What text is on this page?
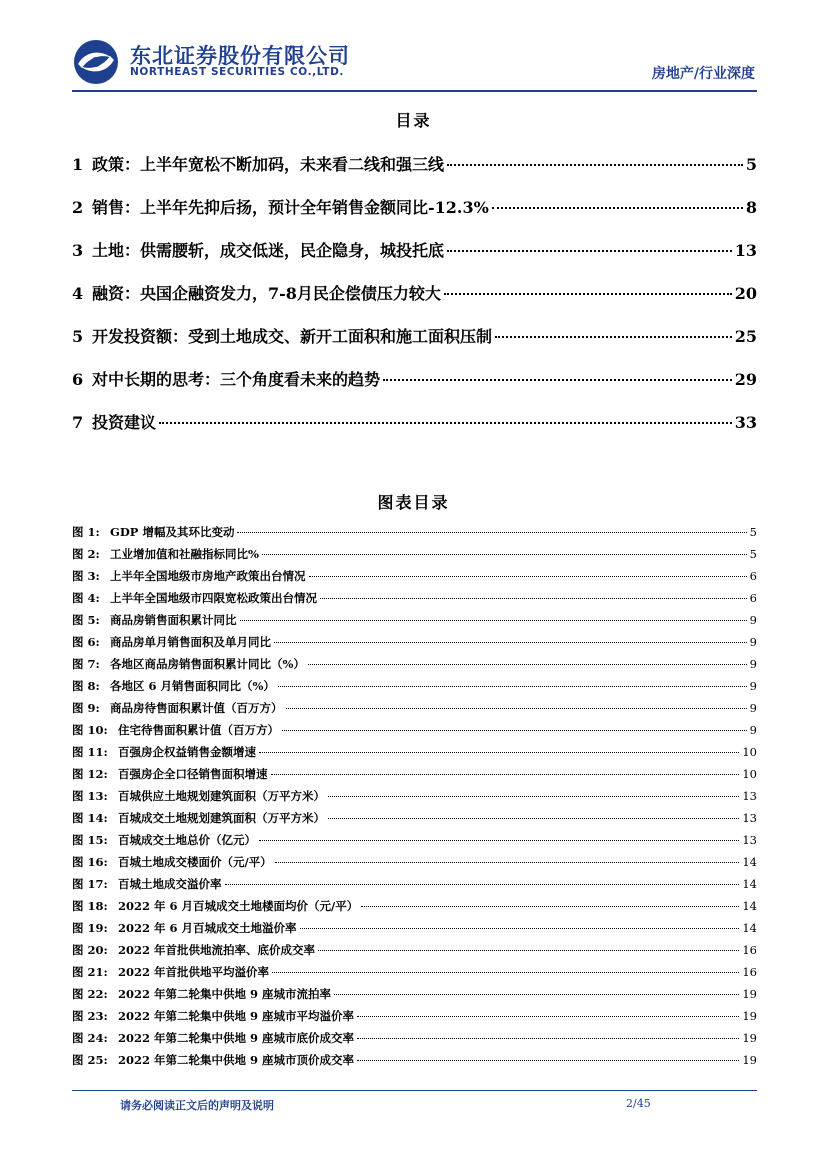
东北证券股份有限公司
NORTHEAST SECURITIES CO.,LTD.	房地产/行业深度
目录
1 政策：上半年宽松不断加码，未来看二线和强三线	5
2 销售：上半年先抑后扬，预计全年销售金额同比-12.3%	8
3 土地：供需腰斩，成交低迷，民企隐身，城投托底	13
4 融资：央国企融资发力，7-8月民企偿债压力较大	20
5 开发投资额：受到土地成交、新开工面积和施工面积压制	25
6 对中长期的思考：三个角度看未来的趋势	29
7 投资建议	33
图表目录
图 1: GDP 增幅及其环比变动	5
图 2: 工业增加值和社融指标同比%	5
图 3: 上半年全国地级市房地产政策出台情况	6
图 4: 上半年全国地级市四限宽松政策出台情况	6
图 5: 商品房销售面积累计同比	9
图 6: 商品房单月销售面积及单月同比	9
图 7: 各地区商品房销售面积累计同比（%）	9
图 8: 各地区 6 月销售面积同比（%）	9
图 9: 商品房待售面积累计值（百万方）	9
图 10: 住宅待售面积累计值（百万方）	9
图 11: 百强房企权益销售金额增速	10
图 12: 百强房企全口径销售面积增速	10
图 13: 百城供应土地规划建筑面积（万平方米）	13
图 14: 百城成交土地规划建筑面积（万平方米）	13
图 15: 百城成交土地总价（亿元）	13
图 16: 百城土地成交楼面价（元/平）	14
图 17: 百城土地成交溢价率	14
图 18: 2022 年 6 月百城成交土地楼面均价（元/平）	14
图 19: 2022 年 6 月百城成交土地溢价率	14
图 20: 2022 年首批供地流拍率、底价成交率	16
图 21: 2022 年首批供地平均溢价率	16
图 22: 2022 年第二轮集中供地 9 座城市流拍率	19
图 23: 2022 年第二轮集中供地 9 座城市平均溢价率	19
图 24: 2022 年第二轮集中供地 9 座城市底价成交率	19
图 25: 2022 年第二轮集中供地 9 座城市顶价成交率	19
请务必阅读正文后的声明及说明	2/45
